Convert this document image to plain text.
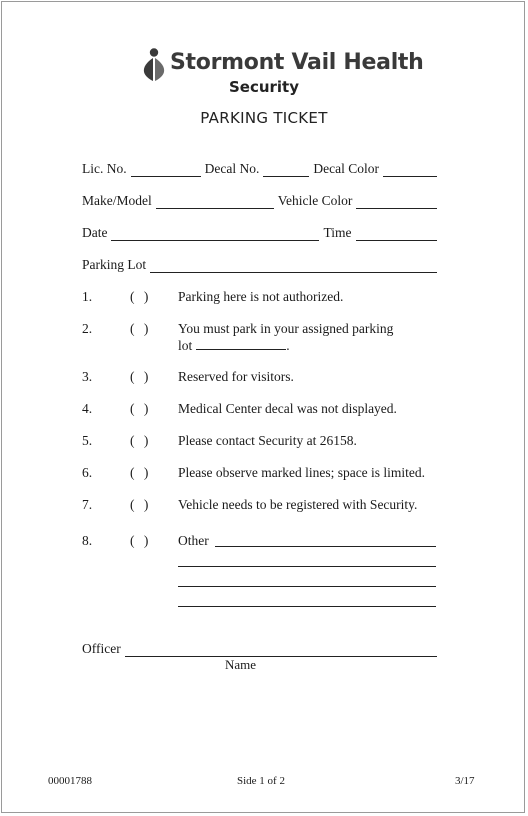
Stormont Vail Health
Security
PARKING TICKET
Lic. No.	Decal No.	Decal Color
Make/Model	Vehicle Color
Date	Time
Parking Lot
1.	( ) Parking here is not authorized.
2.	( ) You must park in your assigned parking
lot	.
3.	( ) Reserved for visitors.
4.	( ) Medical Center decal was not displayed.
5.	( ) Please contact Security at 26158.
6.	( ) Please observe marked lines; space is limited.
7.	( ) Vehicle needs to be registered with Security.
8.	( ) Other
Officer
Name
00001788	Side 1 of 2	3/17
